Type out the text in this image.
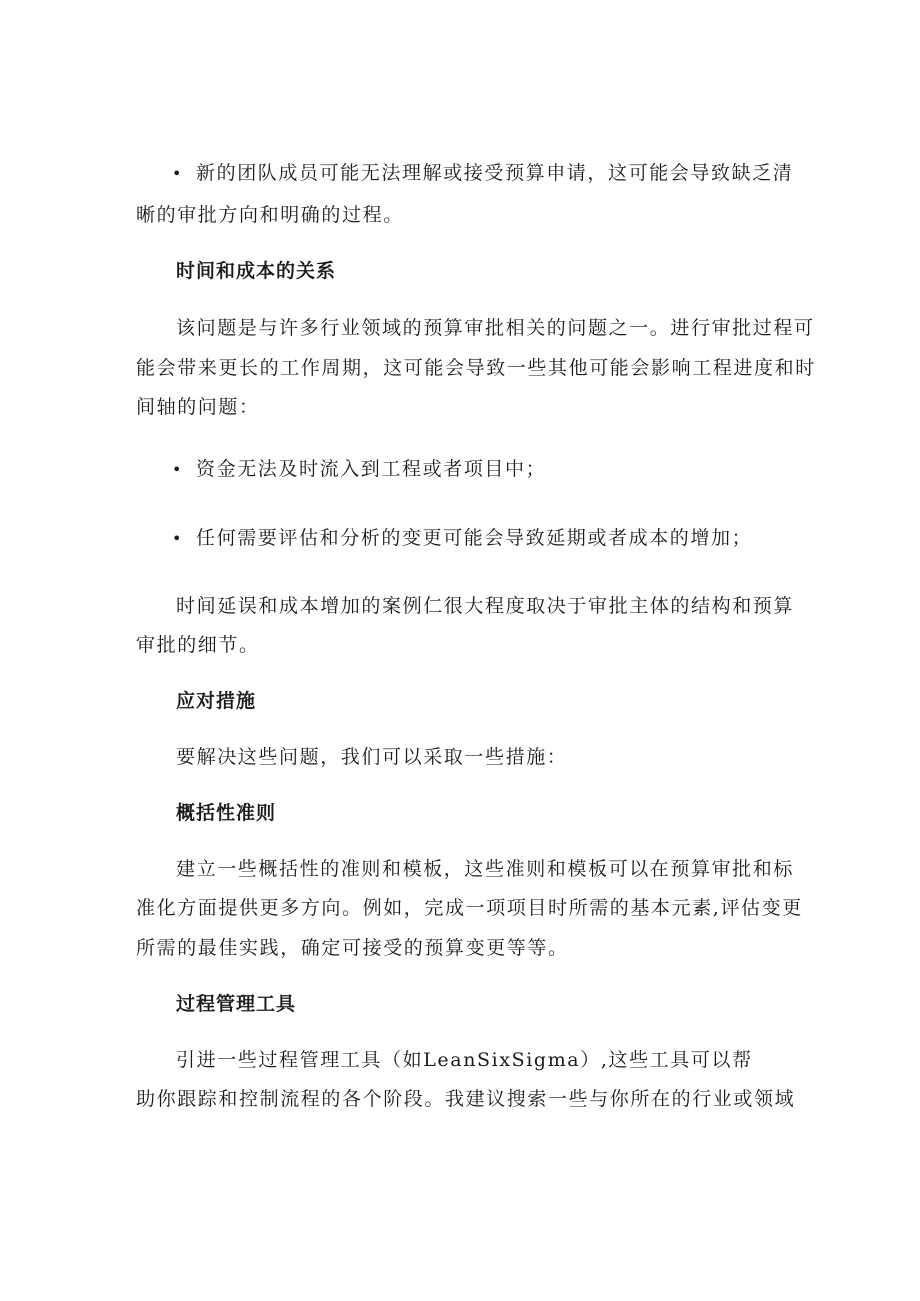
• 新的团队成员可能无法理解或接受预算申请，这可能会导致缺乏清
晰的审批方向和明确的过程。
时间和成本的关系
该问题是与许多行业领域的预算审批相关的问题之一。进行审批过程可
能会带来更长的工作周期，这可能会导致一些其他可能会影响工程进度和时
间轴的问题：
• 资金无法及时流入到工程或者项目中；
• 任何需要评估和分析的变更可能会导致延期或者成本的增加；
时间延误和成本增加的案例仁很大程度取决于审批主体的结构和预算
审批的细节。
应对措施
要解决这些问题，我们可以采取一些措施：
概括性准则
建立一些概括性的准则和模板，这些准则和模板可以在预算审批和标
准化方面提供更多方向。例如，完成一项项目时所需的基本元素,评估变更
所需的最佳实践，确定可接受的预算变更等等。
过程管理工具
引进一些过程管理工具（如LeanSixSigma）,这些工具可以帮
助你跟踪和控制流程的各个阶段。我建议搜索一些与你所在的行业或领域
